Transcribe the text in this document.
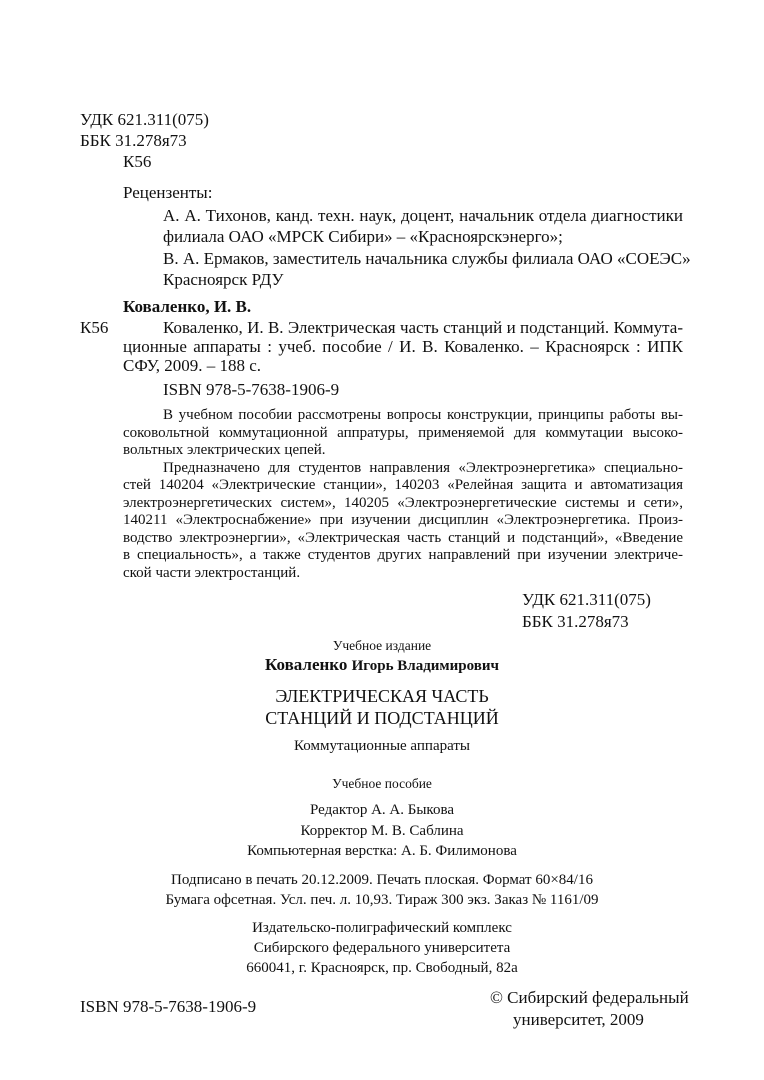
УДК 621.311(075)
ББК 31.278я73
К56
Рецензенты:
А. А. Тихонов, канд. техн. наук, доцент, начальник отдела диагностики
филиала ОАО «МРСК Сибири» – «Красноярскэнерго»;
В. А. Ермаков, заместитель начальника службы филиала ОАО «СОЕЭС»
Красноярск РДУ
Коваленко, И. В.
К56	Коваленко, И. В. Электрическая часть станций и подстанций. Коммута-
ционные аппараты : учеб. пособие / И. В. Коваленко. – Красноярск : ИПК
СФУ, 2009. – 188 с.
ISBN 978-5-7638-1906-9
В учебном пособии рассмотрены вопросы конструкции, принципы работы вы-
соковольтной коммутационной аппратуры, применяемой для коммутации высоко-
вольтных электрических цепей.
Предназначено для студентов направления «Электроэнергетика» специально-
стей 140204 «Электрические станции», 140203 «Релейная защита и автоматизация
электроэнергетических систем», 140205 «Электроэнергетические системы и сети»,
140211 «Электроснабжение» при изучении дисциплин «Электроэнергетика. Произ-
водство электроэнергии», «Электрическая часть станций и подстанций», «Введение
в специальность», а также студентов других направлений при изучении электриче-
ской части электростанций.
УДК 621.311(075)
ББК 31.278я73
Учебное издание
Коваленко Игорь Владимирович
ЭЛЕКТРИЧЕСКАЯ ЧАСТЬ
СТАНЦИЙ И ПОДСТАНЦИЙ
Коммутационные аппараты
Учебное пособие
Редактор А. А. Быкова
Корректор М. В. Саблина
Компьютерная верстка: А. Б. Филимонова
Подписано в печать 20.12.2009. Печать плоская. Формат 60×84/16
Бумага офсетная. Усл. печ. л. 10,93. Тираж 300 экз. Заказ № 1161/09
Издательско-полиграфический комплекс
Сибирского федерального университета
660041, г. Красноярск, пр. Свободный, 82а
© Сибирский федеральный
ISBN 978-5-7638-1906-9
университет, 2009
